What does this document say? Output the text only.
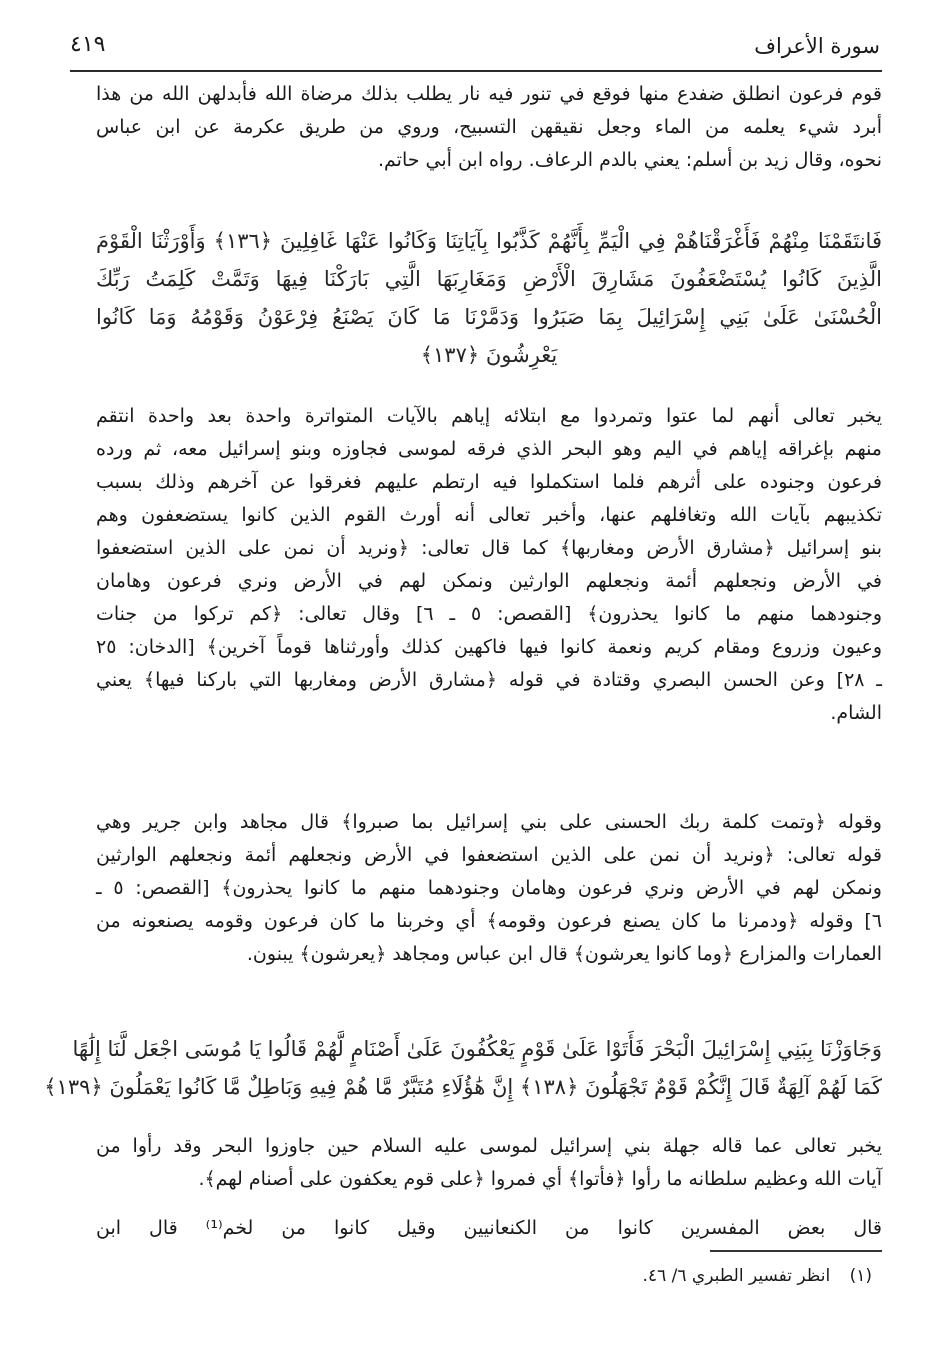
سورة الأعراف
٤١٩
قوم فرعون انطلق ضفدع منها فوقع في تنور فيه نار يطلب بذلك مرضاة الله فأبدلهن الله من هذا
أبرد شيء يعلمه من الماء وجعل نقيقهن التسبيح، وروي من طريق عكرمة عن ابن عباس
نحوه، وقال زيد بن أسلم: يعني بالدم الرعاف. رواه ابن أبي حاتم.
فَانتَقَمْنَا مِنْهُمْ فَأَغْرَقْنَاهُمْ فِي الْيَمِّ بِأَنَّهُمْ كَذَّبُوا بِآيَاتِنَا وَكَانُوا عَنْهَا غَافِلِينَ ﴿١٣٦﴾ وَأَوْرَثْنَا الْقَوْمَ
الَّذِينَ كَانُوا يُسْتَضْعَفُونَ مَشَارِقَ الْأَرْضِ وَمَغَارِبَهَا الَّتِي بَارَكْنَا فِيهَا وَتَمَّتْ كَلِمَتُ رَبِّكَ
الْحُسْنَىٰ عَلَىٰ بَنِي إِسْرَائِيلَ بِمَا صَبَرُوا وَدَمَّرْنَا مَا كَانَ يَصْنَعُ فِرْعَوْنُ وَقَوْمُهُ وَمَا كَانُوا
يَعْرِشُونَ ﴿١٣٧﴾
يخبر تعالى أنهم لما عتوا وتمردوا مع ابتلائه إياهم بالآيات المتواترة واحدة بعد واحدة انتقم
منهم بإغراقه إياهم في اليم وهو البحر الذي فرقه لموسى فجاوزه وبنو إسرائيل معه، ثم ورده
فرعون وجنوده على أثرهم فلما استكملوا فيه ارتطم عليهم فغرقوا عن آخرهم وذلك بسبب
تكذيبهم بآيات الله وتغافلهم عنها، وأخبر تعالى أنه أورث القوم الذين كانوا يستضعفون وهم
بنو إسرائيل ﴿مشارق الأرض ومغاربها﴾ كما قال تعالى: ﴿ونريد أن نمن على الذين استضعفوا
في الأرض ونجعلهم أئمة ونجعلهم الوارثين ونمكن لهم في الأرض ونري فرعون وهامان
وجنودهما منهم ما كانوا يحذرون﴾ [القصص: ٥ ـ ٦] وقال تعالى: ﴿كم تركوا من جنات
وعيون وزروع ومقام كريم ونعمة كانوا فيها فاكهين كذلك وأورثناها قوماً آخرين﴾ [الدخان: ٢٥
ـ ٢٨] وعن الحسن البصري وقتادة في قوله ﴿مشارق الأرض ومغاربها التي باركنا فيها﴾ يعني
الشام.
وقوله ﴿وتمت كلمة ربك الحسنى على بني إسرائيل بما صبروا﴾ قال مجاهد وابن جرير وهي
قوله تعالى: ﴿ونريد أن نمن على الذين استضعفوا في الأرض ونجعلهم أئمة ونجعلهم الوارثين
ونمكن لهم في الأرض ونري فرعون وهامان وجنودهما منهم ما كانوا يحذرون﴾ [القصص: ٥ ـ
٦] وقوله ﴿ودمرنا ما كان يصنع فرعون وقومه﴾ أي وخربنا ما كان فرعون وقومه يصنعونه من
العمارات والمزارع ﴿وما كانوا يعرشون﴾ قال ابن عباس ومجاهد ﴿يعرشون﴾ يبنون.
وَجَاوَزْنَا بِبَنِي إِسْرَائِيلَ الْبَحْرَ فَأَتَوْا عَلَىٰ قَوْمٍ يَعْكُفُونَ عَلَىٰ أَصْنَامٍ لَّهُمْ قَالُوا يَا مُوسَى اجْعَل لَّنَا إِلَٰهًا
كَمَا لَهُمْ آلِهَةٌ قَالَ إِنَّكُمْ قَوْمٌ تَجْهَلُونَ ﴿١٣٨﴾ إِنَّ هَٰؤُلَاءِ مُتَبَّرٌ مَّا هُمْ فِيهِ وَبَاطِلٌ مَّا كَانُوا يَعْمَلُونَ ﴿١٣٩﴾
يخبر تعالى عما قاله جهلة بني إسرائيل لموسى عليه السلام حين جاوزوا البحر وقد رأوا من
آيات الله وعظيم سلطانه ما رأوا ﴿فأتوا﴾ أي فمروا ﴿على قوم يعكفون على أصنام لهم﴾.
قال بعض المفسرين كانوا من الكنعانيين وقيل كانوا من لخم⁽¹⁾ قال ابن
(١) انظر تفسير الطبري ٦/ ٤٦.
